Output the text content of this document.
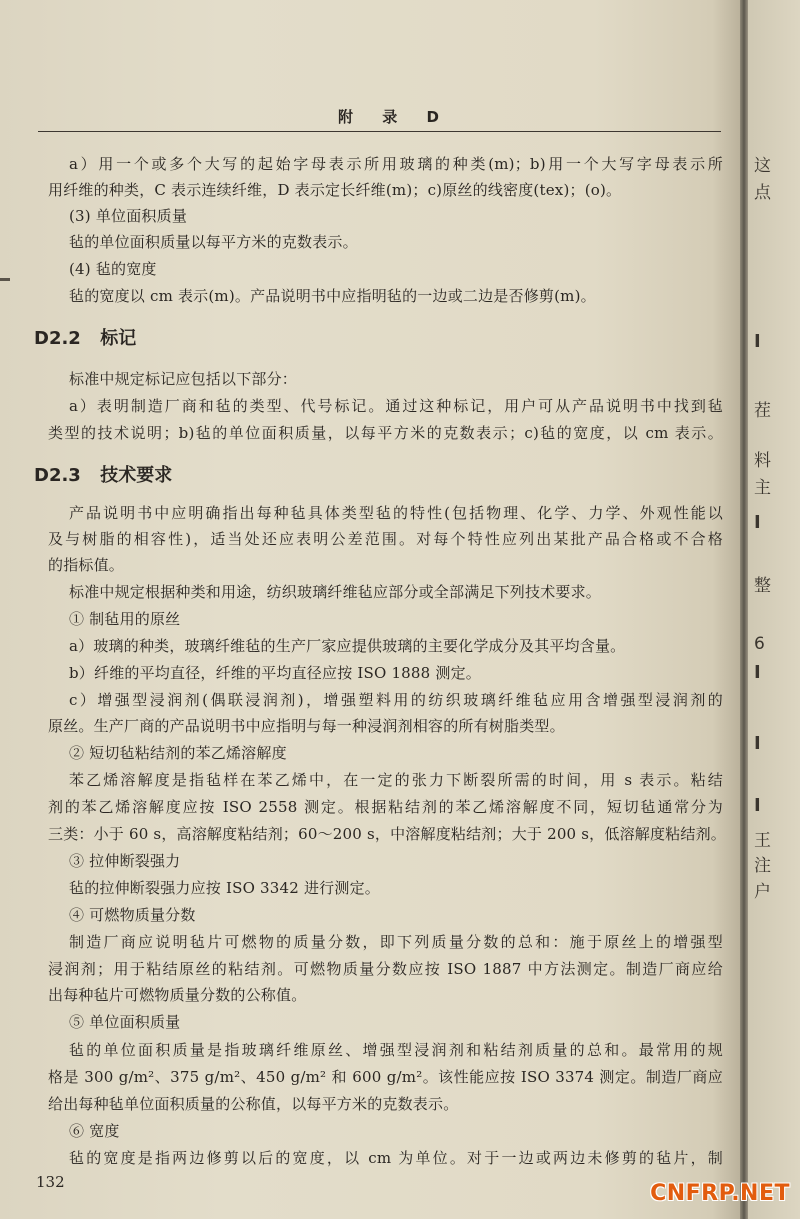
附 录 D
a）用一个或多个大写的起始字母表示所用玻璃的种类(m)；b)用一个大写字母表示所
用纤维的种类，C 表示连续纤维，D 表示定长纤维(m)；c)原丝的线密度(tex)；(o)。
(3) 单位面积质量
毡的单位面积质量以每平方米的克数表示。
(4) 毡的宽度
毡的宽度以 cm 表示(m)。产品说明书中应指明毡的一边或二边是否修剪(m)。
D2.2 标记
标准中规定标记应包括以下部分：
a）表明制造厂商和毡的类型、代号标记。通过这种标记，用户可从产品说明书中找到毡
类型的技术说明；b)毡的单位面积质量，以每平方米的克数表示；c)毡的宽度，以 cm 表示。
D2.3 技术要求
产品说明书中应明确指出每种毡具体类型毡的特性(包括物理、化学、力学、外观性能以
及与树脂的相容性)，适当处还应表明公差范围。对每个特性应列出某批产品合格或不合格
的指标值。
标准中规定根据种类和用途，纺织玻璃纤维毡应部分或全部满足下列技术要求。
① 制毡用的原丝
a）玻璃的种类，玻璃纤维毡的生产厂家应提供玻璃的主要化学成分及其平均含量。
b）纤维的平均直径，纤维的平均直径应按 ISO 1888 测定。
c）增强型浸润剂(偶联浸润剂)，增强塑料用的纺织玻璃纤维毡应用含增强型浸润剂的
原丝。生产厂商的产品说明书中应指明与每一种浸润剂相容的所有树脂类型。
② 短切毡粘结剂的苯乙烯溶解度
苯乙烯溶解度是指毡样在苯乙烯中，在一定的张力下断裂所需的时间，用 s 表示。粘结
剂的苯乙烯溶解度应按 ISO 2558 测定。根据粘结剂的苯乙烯溶解度不同，短切毡通常分为
三类：小于 60 s，高溶解度粘结剂；60～200 s，中溶解度粘结剂；大于 200 s，低溶解度粘结剂。
③ 拉伸断裂强力
毡的拉伸断裂强力应按 ISO 3342 进行测定。
④ 可燃物质量分数
制造厂商应说明毡片可燃物的质量分数，即下列质量分数的总和：施于原丝上的增强型
浸润剂；用于粘结原丝的粘结剂。可燃物质量分数应按 ISO 1887 中方法测定。制造厂商应给
出每种毡片可燃物质量分数的公称值。
⑤ 单位面积质量
毡的单位面积质量是指玻璃纤维原丝、增强型浸润剂和粘结剂质量的总和。最常用的规
格是 300 g/m²、375 g/m²、450 g/m² 和 600 g/m²。该性能应按 ISO 3374 测定。制造厂商应
给出每种毡单位面积质量的公称值，以每平方米的克数表示。
⑥ 宽度
毡的宽度是指两边修剪以后的宽度，以 cm 为单位。对于一边或两边未修剪的毡片，制
132
这
点
I
茬
料
主
I
整
6
I
I
I
王
注
户
CNFRP.NET
